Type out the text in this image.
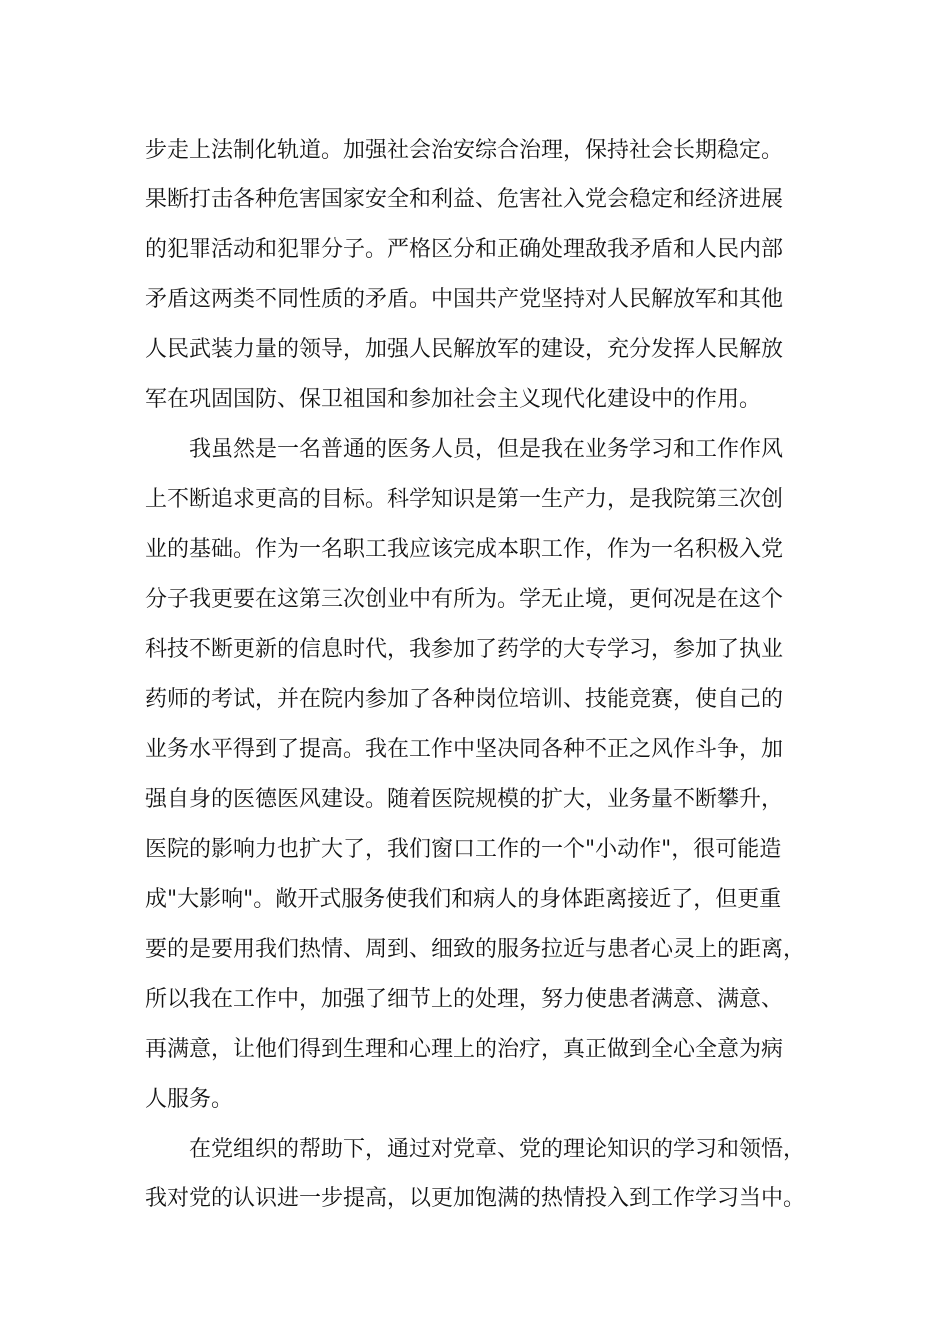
步走上法制化轨道。加强社会治安综合治理，保持社会长期稳定。
果断打击各种危害国家安全和利益、危害社入党会稳定和经济进展
的犯罪活动和犯罪分子。严格区分和正确处理敌我矛盾和人民内部
矛盾这两类不同性质的矛盾。中国共产党坚持对人民解放军和其他
人民武装力量的领导，加强人民解放军的建设，充分发挥人民解放
军在巩固国防、保卫祖国和参加社会主义现代化建设中的作用。
我虽然是一名普通的医务人员，但是我在业务学习和工作作风
上不断追求更高的目标。科学知识是第一生产力，是我院第三次创
业的基础。作为一名职工我应该完成本职工作，作为一名积极入党
分子我更要在这第三次创业中有所为。学无止境，更何况是在这个
科技不断更新的信息时代，我参加了药学的大专学习，参加了执业
药师的考试，并在院内参加了各种岗位培训、技能竞赛，使自己的
业务水平得到了提高。我在工作中坚决同各种不正之风作斗争，加
强自身的医德医风建设。随着医院规模的扩大，业务量不断攀升，
医院的影响力也扩大了，我们窗口工作的一个"小动作"，很可能造
成"大影响"。敞开式服务使我们和病人的身体距离接近了，但更重
要的是要用我们热情、周到、细致的服务拉近与患者心灵上的距离，
所以我在工作中，加强了细节上的处理，努力使患者满意、满意、
再满意，让他们得到生理和心理上的治疗，真正做到全心全意为病
人服务。
在党组织的帮助下，通过对党章、党的理论知识的学习和领悟，
我对党的认识进一步提高，以更加饱满的热情投入到工作学习当中。
